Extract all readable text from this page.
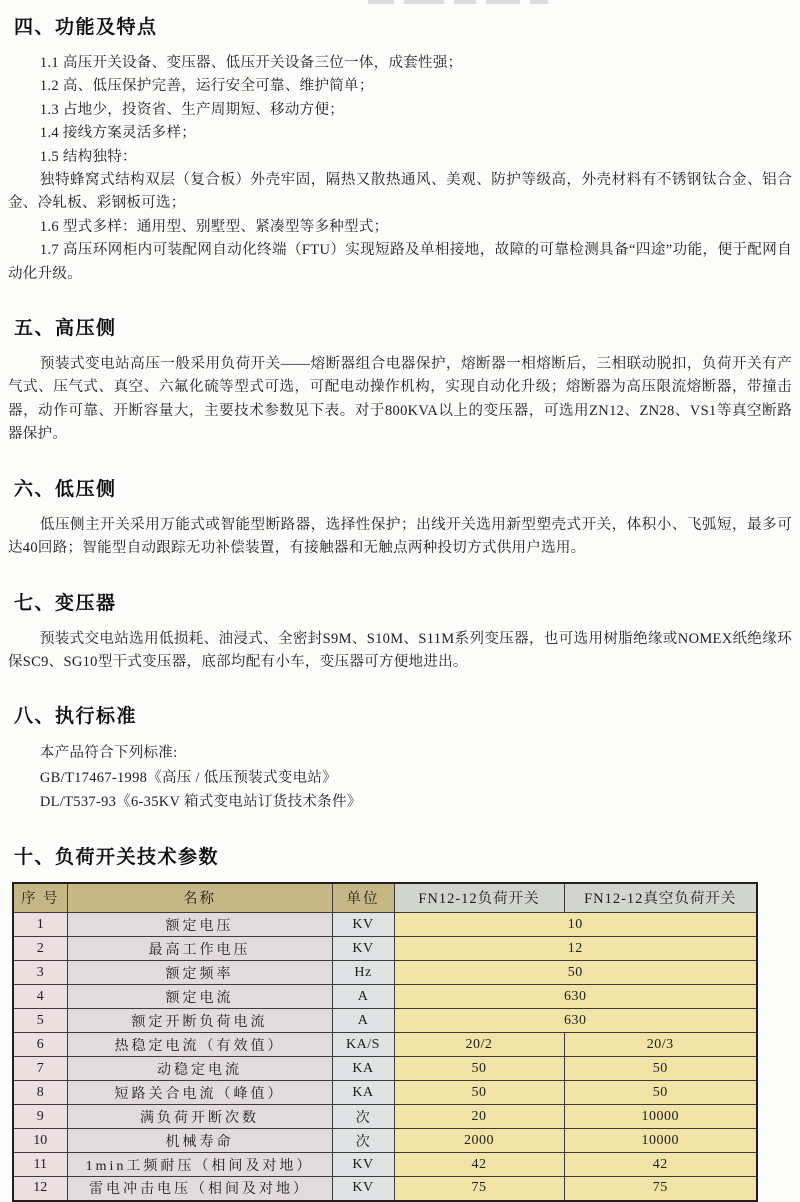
四、功能及特点

1.1 高压开关设备、变压器、低压开关设备三位一体，成套性强；

1.2 高、低压保护完善，运行安全可靠、维护简单；

1.3 占地少，投资省、生产周期短、移动方便；

1.4 接线方案灵活多样；

1.5 结构独特：

独特蜂窝式结构双层（复合板）外壳牢固，隔热又散热通风、美观、防护等级高，外壳材料有不锈钢钛合金、铝合金、冷轧板、彩钢板可选；

1.6 型式多样：通用型、别墅型、紧凑型等多种型式；

1.7 高压环网柜内可装配网自动化终端（FTU）实现短路及单相接地，故障的可靠检测具备“四途”功能，便于配网自动化升级。

五、高压侧

预装式变电站高压一般采用负荷开关——熔断器组合电器保护，熔断器一相熔断后，三相联动脱扣，负荷开关有产气式、压气式、真空、六氟化硫等型式可选，可配电动操作机构，实现自动化升级；熔断器为高压限流熔断器，带撞击器，动作可靠、开断容量大，主要技术参数见下表。对于800KVA以上的变压器，可选用ZN12、ZN28、VS1等真空断路器保护。

六、低压侧

低压侧主开关采用万能式或智能型断路器，选择性保护；出线开关选用新型塑壳式开关，体积小、飞弧短，最多可达40回路；智能型自动跟踪无功补偿装置，有接触器和无触点两种投切方式供用户选用。

七、变压器

预装式交电站选用低损耗、油浸式、全密封S9M、S10M、S11M系列变压器，也可选用树脂绝缘或NOMEX纸绝缘环保SC9、SG10型干式变压器，底部均配有小车，变压器可方便地进出。

八、执行标准

本产品符合下列标准:

GB/T17467-1998《高压 / 低压预装式变电站》

DL/T537-93《6-35KV 箱式变电站订货技术条件》

十、负荷开关技术参数
序 号	名称	单位	FN12-12负荷开关	FN12-12真空负荷开关
1	额定电压	KV	10	
2	最高工作电压	KV	12	
3	额定频率	Hz	50	
4	额定电流	A	630	
5	额定开断负荷电流	A	630	
6	热稳定电流（有效值）	KA/S	20/2	20/3
7	动稳定电流	KA	50	50
8	短路关合电流（峰值）	KA	50	50
9	满负荷开断次数	次	20	10000
10	机械寿命	次	2000	10000
11	1min工频耐压（相间及对地）	KV	42	42
12	雷电冲击电压（相间及对地）	KV	75	75
